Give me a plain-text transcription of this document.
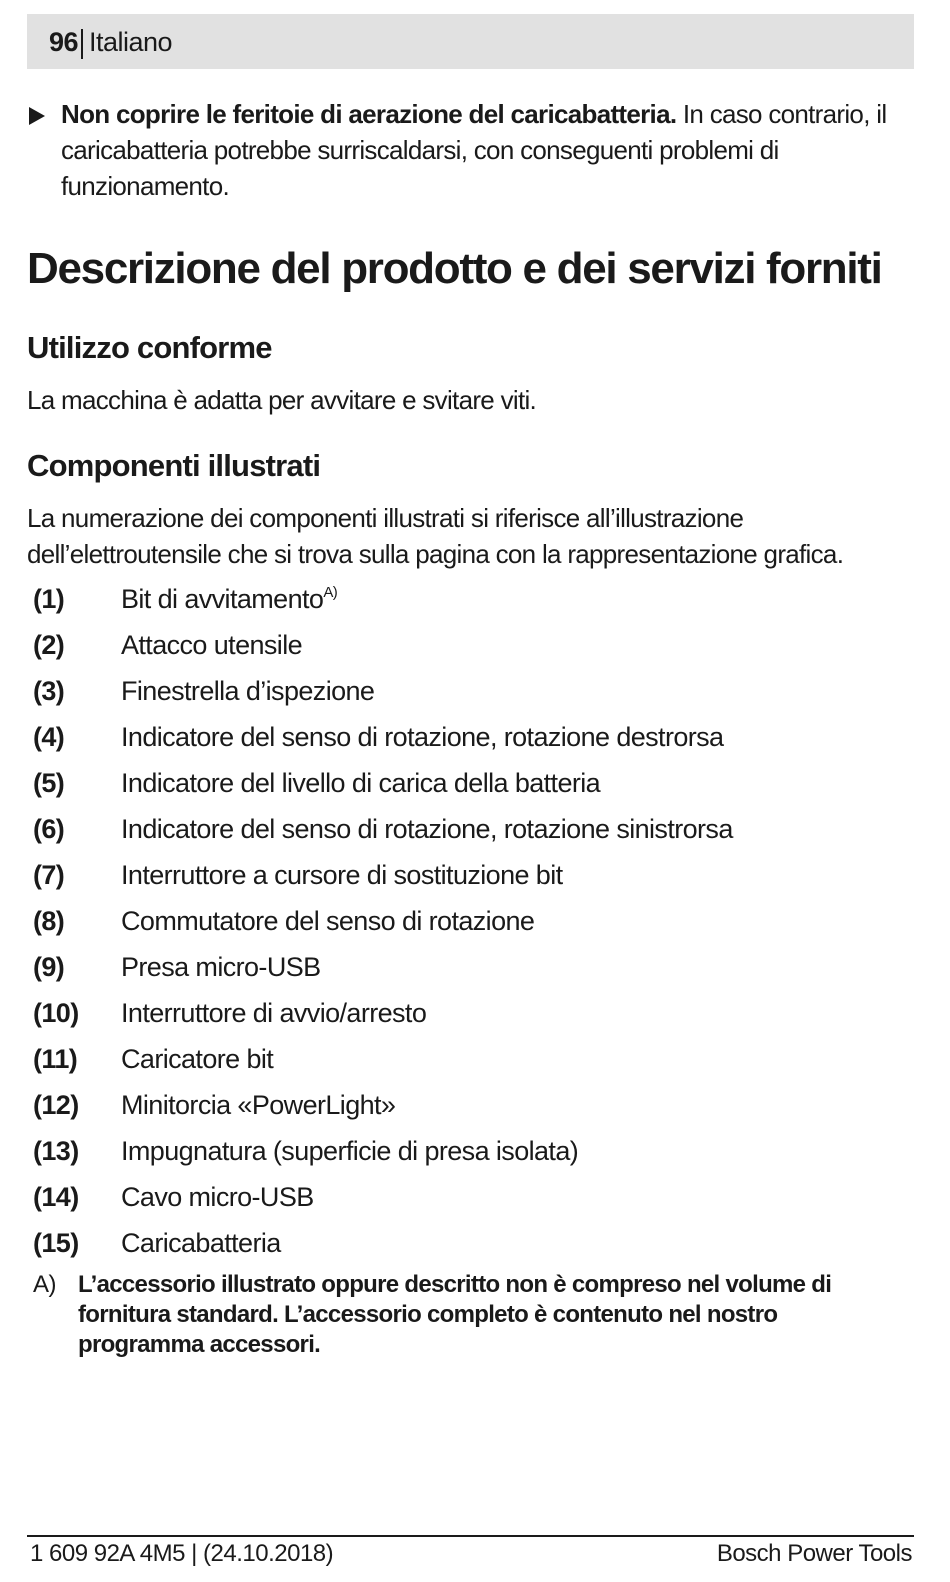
96 Italiano
Non coprire le feritoie di aerazione del caricabatteria. In caso contrario, il caricabatteria potrebbe surriscaldarsi, con conseguenti problemi di funzionamento.
Descrizione del prodotto e dei servizi forniti
Utilizzo conforme
La macchina è adatta per avvitare e svitare viti.
Componenti illustrati
La numerazione dei componenti illustrati si riferisce all’illustrazione dell’elettroutensile che si trova sulla pagina con la rappresentazione grafica.
(1) Bit di avvitamento$^{A)}$
(2) Attacco utensile
(3) Finestrella d’ispezione
(4) Indicatore del senso di rotazione, rotazione destrorsa
(5) Indicatore del livello di carica della batteria
(6) Indicatore del senso di rotazione, rotazione sinistrorsa
(7) Interruttore a cursore di sostituzione bit
(8) Commutatore del senso di rotazione
(9) Presa micro-USB
(10) Interruttore di avvio/arresto
(11) Caricatore bit
(12) Minitorcia «PowerLight»
(13) Impugnatura (superficie di presa isolata)
(14) Cavo micro-USB
(15) Caricabatteria
A) L’accessorio illustrato oppure descritto non è compreso nel volume di fornitura standard. L’accessorio completo è contenuto nel nostro programma accessori.
1 609 92A 4M5 | (24.10.2018)	Bosch Power Tools
